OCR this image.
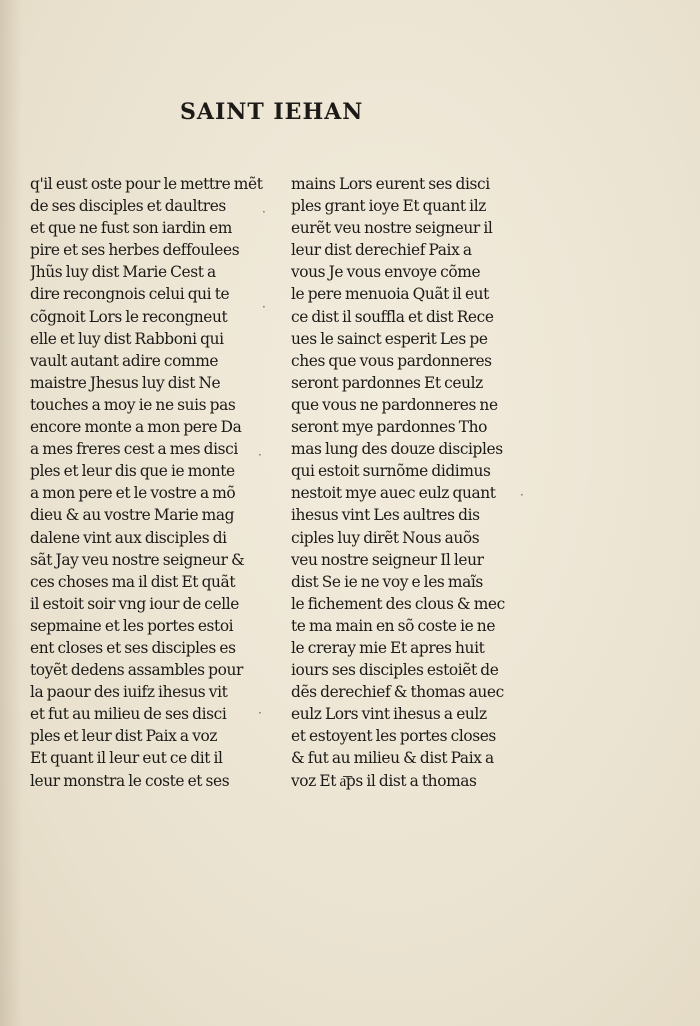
SAINT IEHAN
q'il eust oste pour le mettre mẽt
de ses disciples et daultres
et que ne fust son iardin em
pire et ses herbes deffoulees
Jhũs luy dist Marie Cest a
dire recongnois celui qui te
cõgnoit Lors le recongneut
elle et luy dist Rabboni qui
vault autant adire comme
maistre Jhesus luy dist Ne
touches a moy ie ne suis pas
encore monte a mon pere Da
a mes freres cest a mes disci
ples et leur dis que ie monte
a mon pere et le vostre a mõ
dieu & au vostre Marie mag
dalene vint aux disciples di
sãt Jay veu nostre seigneur &
ces choses ma il dist Et quãt
il estoit soir vng iour de celle
sepmaine et les portes estoi
ent closes et ses disciples es
toyẽt dedens assambles pour
la paour des iuifz ihesus vit
et fut au milieu de ses disci
ples et leur dist Paix a voz
Et quant il leur eut ce dit il
leur monstra le coste et ses
mains Lors eurent ses disci
ples grant ioye Et quant ilz
eurẽt veu nostre seigneur il
leur dist derechief Paix a
vous Je vous envoye cõme
le pere menuoia Quãt il eut
ce dist il souffla et dist Rece
ues le sainct esperit Les pe
ches que vous pardonneres
seront pardonnes Et ceulz
que vous ne pardonneres ne
seront mye pardonnes Tho
mas lung des douze disciples
qui estoit surnõme didimus
nestoit mye auec eulz quant
ihesus vint Les aultres dis
ciples luy dirẽt Nous auõs
veu nostre seigneur Il leur
dist Se ie ne voy e les maĩs
le fichement des clous & mec
te ma main en sõ coste ie ne
le creray mie Et apres huit
iours ses disciples estoiẽt de
dẽs derechief & thomas auec
eulz Lors vint ihesus a eulz
et estoyent les portes closes
& fut au milieu & dist Paix a
voz Et a͞ps il dist a thomas
·
·
·
·
·
